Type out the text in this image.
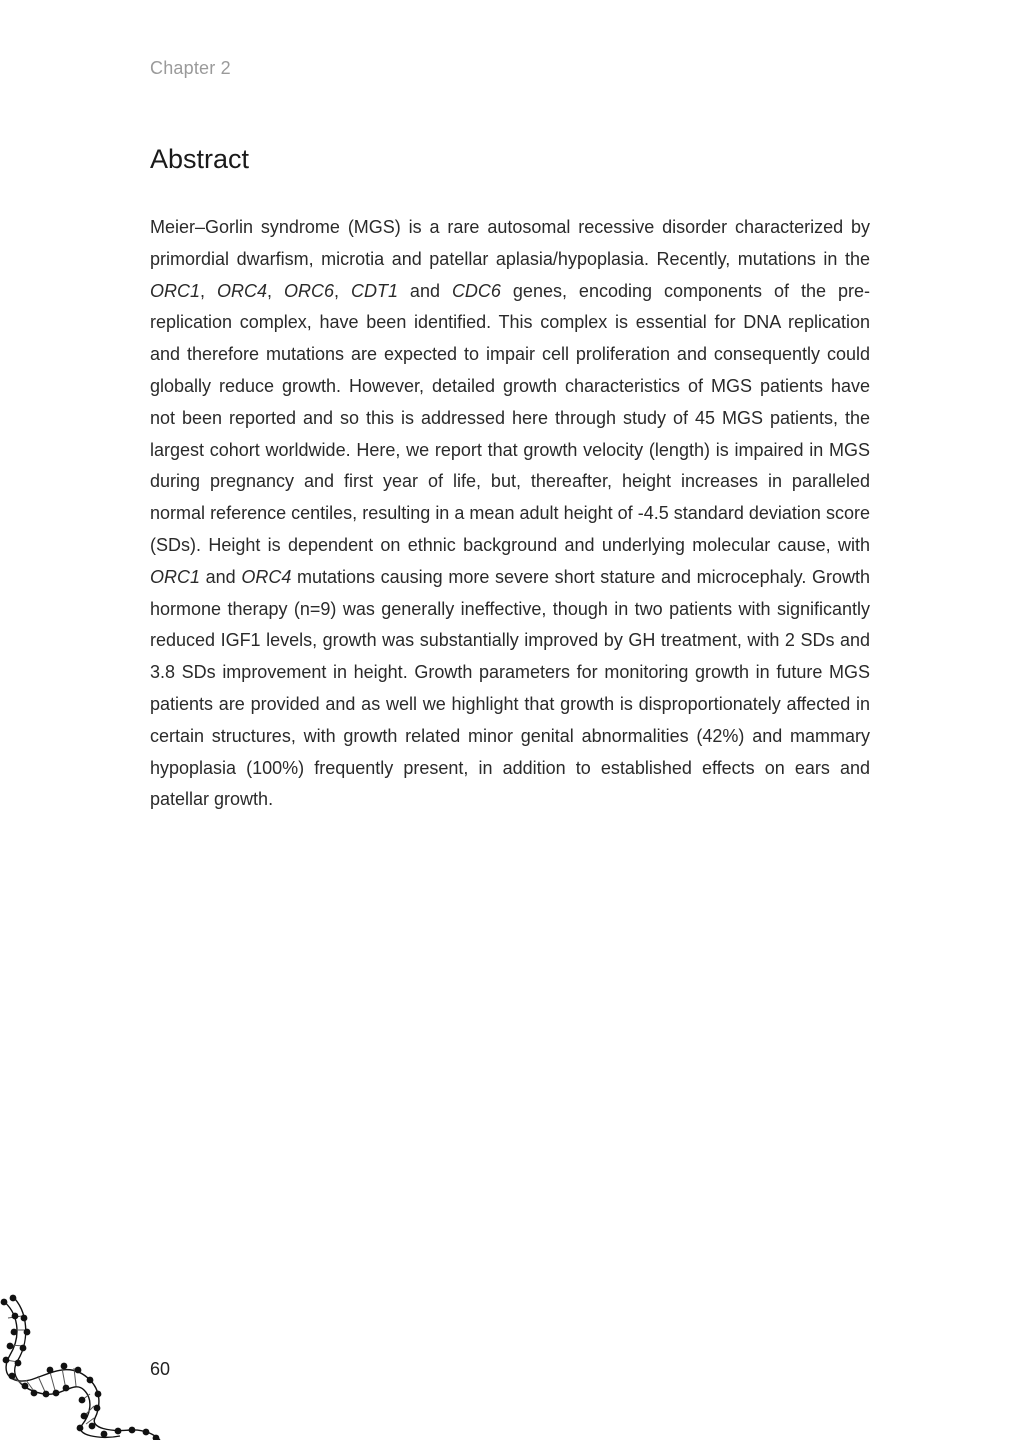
Chapter 2
Abstract

Meier–Gorlin syndrome (MGS) is a rare autosomal recessive disorder characterized by primordial dwarfism, microtia and patellar aplasia/hypoplasia. Recently, mutations in the ORC1, ORC4, ORC6, CDT1 and CDC6 genes, encoding components of the pre-replication complex, have been identified. This complex is essential for DNA replication and therefore mutations are expected to impair cell proliferation and consequently could globally reduce growth. However, detailed growth characteristics of MGS patients have not been reported and so this is addressed here through study of 45 MGS patients, the largest cohort worldwide. Here, we report that growth velocity (length) is impaired in MGS during pregnancy and first year of life, but, thereafter, height increases in paralleled normal reference centiles, resulting in a mean adult height of -4.5 standard deviation score (SDs). Height is dependent on ethnic background and underlying molecular cause, with ORC1 and ORC4 mutations causing more severe short stature and microcephaly. Growth hormone therapy (n=9) was generally ineffective, though in two patients with significantly reduced IGF1 levels, growth was substantially improved by GH treatment, with 2 SDs and 3.8 SDs improvement in height. Growth parameters for monitoring growth in future MGS patients are provided and as well we highlight that growth is disproportionately affected in certain structures, with growth related minor genital abnormalities (42%) and mammary hypoplasia (100%) frequently present, in addition to established effects on ears and patellar growth.

60
